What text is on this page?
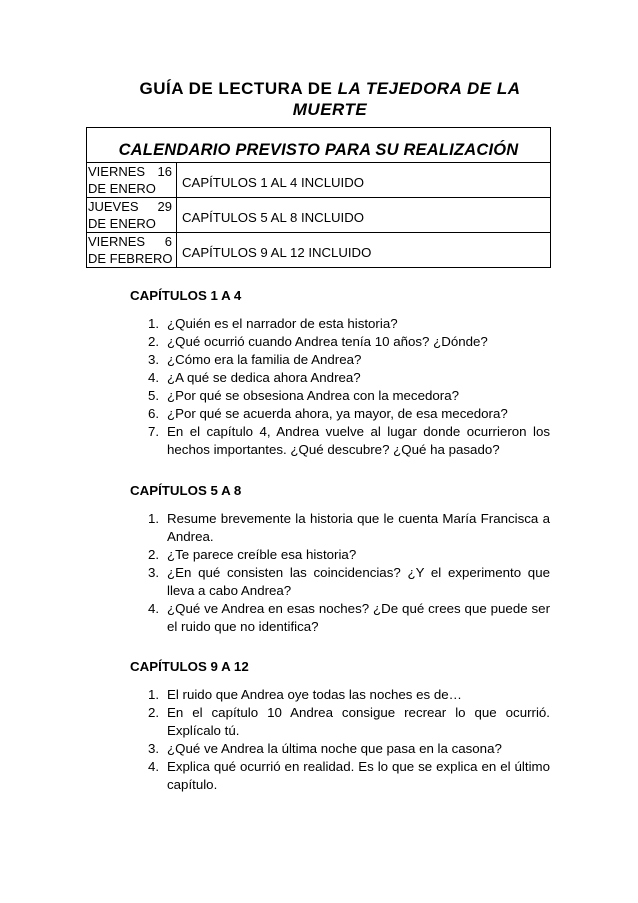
GUÍA DE LECTURA DE LA TEJEDORA DE LA MUERTE
CALENDARIO PREVISTO PARA SU REALIZACIÓN	

VIERNES 16
DE ENERO	CAPÍTULOS 1 AL 4 INCLUIDO

JUEVES 29
DE ENERO	CAPÍTULOS 5 AL 8 INCLUIDO

VIERNES 6
DE FEBRERO	CAPÍTULOS 9 AL 12 INCLUIDO
CAPÍTULOS 1 A 4
1. ¿Quién es el narrador de esta historia?
2. ¿Qué ocurrió cuando Andrea tenía 10 años? ¿Dónde?
3. ¿Cómo era la familia de Andrea?
4. ¿A qué se dedica ahora Andrea?
5. ¿Por qué se obsesiona Andrea con la mecedora?
6. ¿Por qué se acuerda ahora, ya mayor, de esa mecedora?
7. En el capítulo 4, Andrea vuelve al lugar donde ocurrieron los hechos importantes. ¿Qué descubre? ¿Qué ha pasado?
CAPÍTULOS 5 A 8
1. Resume brevemente la historia que le cuenta María Francisca a Andrea.
2. ¿Te parece creíble esa historia?
3. ¿En qué consisten las coincidencias? ¿Y el experimento que lleva a cabo Andrea?
4. ¿Qué ve Andrea en esas noches? ¿De qué crees que puede ser el ruido que no identifica?
CAPÍTULOS 9 A 12
1. El ruido que Andrea oye todas las noches es de…
2. En el capítulo 10 Andrea consigue recrear lo que ocurrió. Explícalo tú.
3. ¿Qué ve Andrea la última noche que pasa en la casona?
4. Explica qué ocurrió en realidad. Es lo que se explica en el último capítulo.
